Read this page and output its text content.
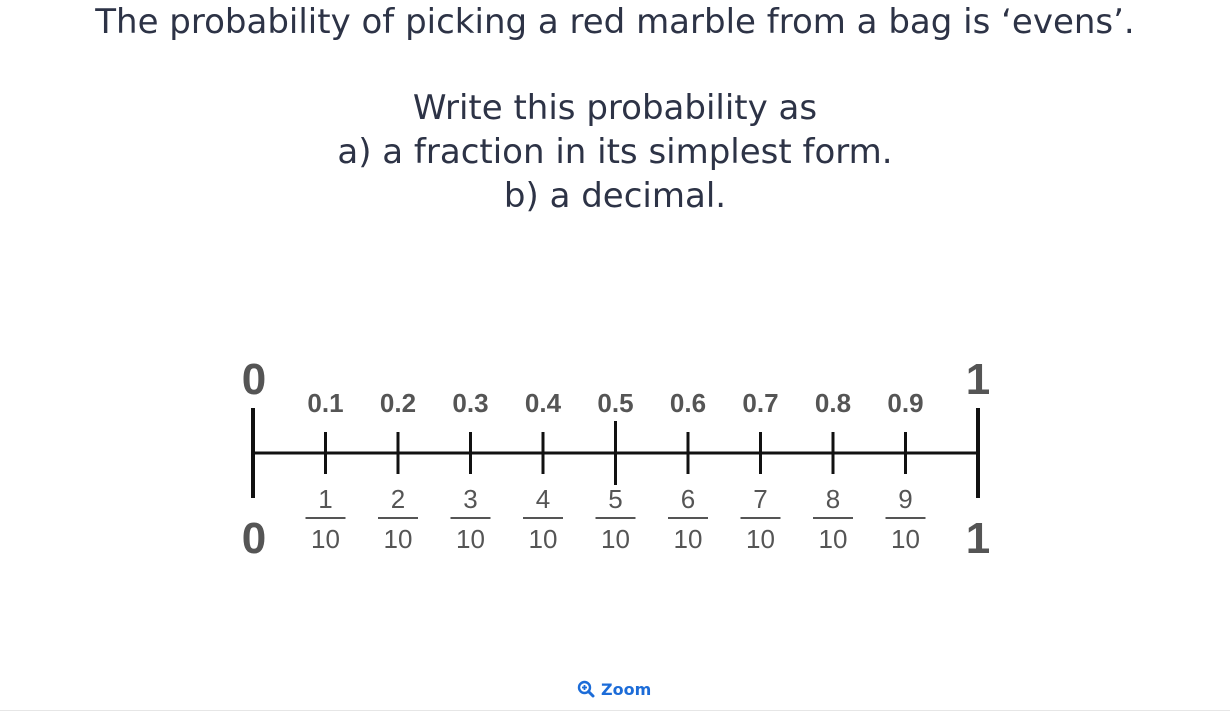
The probability of picking a red marble from a bag is ‘evens’.
Write this probability as
a) a fraction in its simplest form.
b) a decimal.
0	1
0	1
0.1
1
10
0.2
2
10
0.3
3
10
0.4
4
10
0.5
5
10
0.6
6
10
0.7
7
10
0.8
8
10
0.9
9
10
Zoom
